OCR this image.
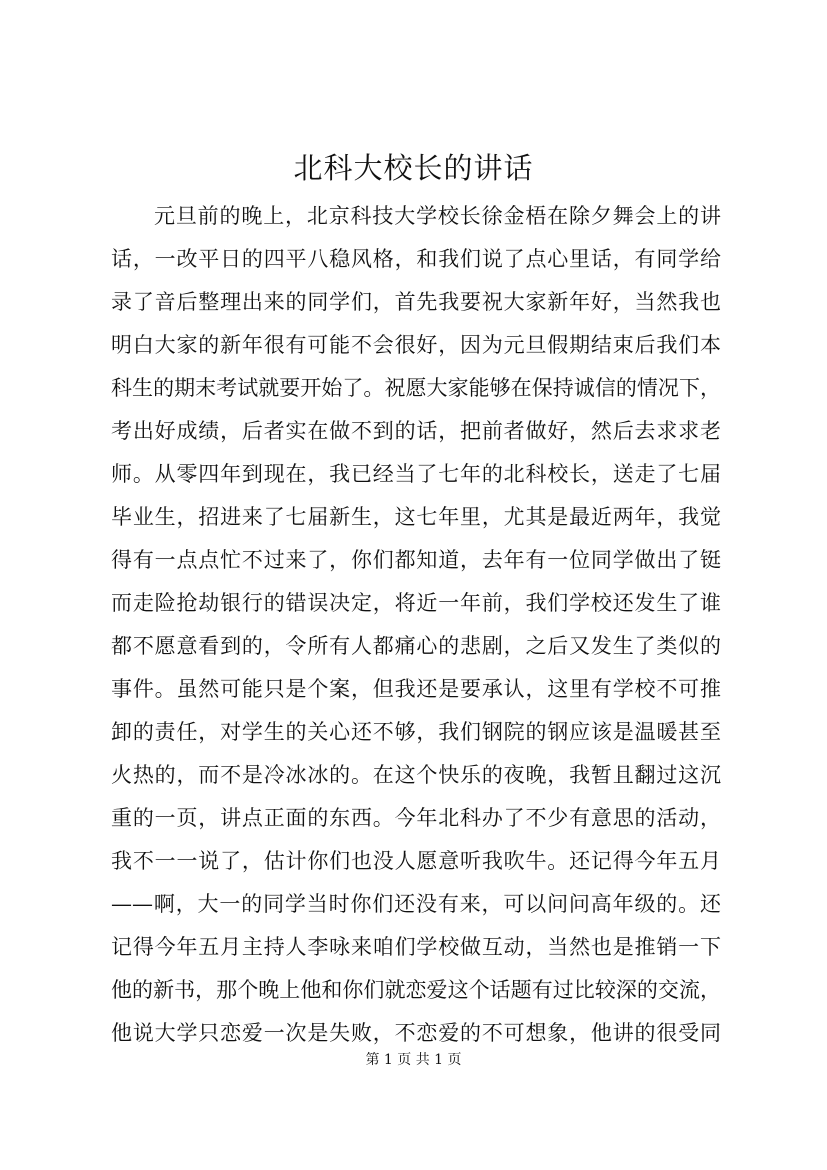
北科大校长的讲话
元旦前的晚上，北京科技大学校长徐金梧在除夕舞会上的讲
话，一改平日的四平八稳风格，和我们说了点心里话，有同学给
录了音后整理出来的同学们，首先我要祝大家新年好，当然我也
明白大家的新年很有可能不会很好，因为元旦假期结束后我们本
科生的期末考试就要开始了。祝愿大家能够在保持诚信的情况下，
考出好成绩，后者实在做不到的话，把前者做好，然后去求求老
师。从零四年到现在，我已经当了七年的北科校长，送走了七届
毕业生，招进来了七届新生，这七年里，尤其是最近两年，我觉
得有一点点忙不过来了，你们都知道，去年有一位同学做出了铤
而走险抢劫银行的错误决定，将近一年前，我们学校还发生了谁
都不愿意看到的，令所有人都痛心的悲剧，之后又发生了类似的
事件。虽然可能只是个案，但我还是要承认，这里有学校不可推
卸的责任，对学生的关心还不够，我们钢院的钢应该是温暖甚至
火热的，而不是冷冰冰的。在这个快乐的夜晚，我暂且翻过这沉
重的一页，讲点正面的东西。今年北科办了不少有意思的活动，
我不一一说了，估计你们也没人愿意听我吹牛。还记得今年五月
——啊，大一的同学当时你们还没有来，可以问问高年级的。还
记得今年五月主持人李咏来咱们学校做互动，当然也是推销一下
他的新书，那个晚上他和你们就恋爱这个话题有过比较深的交流，
他说大学只恋爱一次是失败，不恋爱的不可想象，他讲的很受同
第 1 页 共 1 页
